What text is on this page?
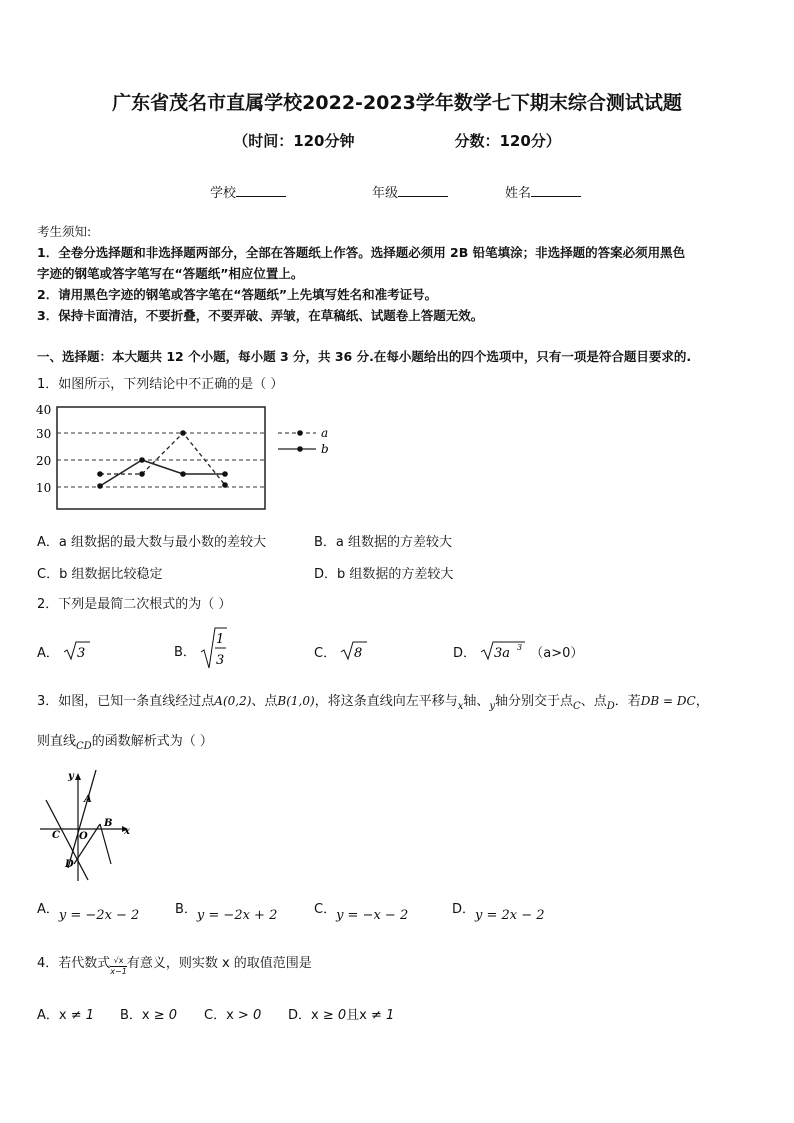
广东省茂名市直属学校2022-2023学年数学七下期末综合测试试题
（时间：120分钟	分数：120分）
学校	年级	姓名
考生须知:
1．全卷分选择题和非选择题两部分，全部在答题纸上作答。选择题必须用 2B 铅笔填涂；非选择题的答案必须用黑色
字迹的钢笔或答字笔写在“答题纸”相应位置上。
2．请用黑色字迹的钢笔或答字笔在“答题纸”上先填写姓名和准考证号。
3．保持卡面清洁，不要折叠，不要弄破、弄皱，在草稿纸、试题卷上答题无效。
一、选择题：本大题共 12 个小题，每小题 3 分，共 36 分.在每小题给出的四个选项中，只有一项是符合题目要求的.
1．如图所示，下列结论中不正确的是（ ）
40
30
20
10
a
b
A．a 组数据的最大数与最小数的差较大	B．a 组数据的方差较大
C．b 组数据比较稳定	D．b 组数据的方差较大
2．下列是最简二次根式的为（ ）
A． 3	B．
1
3	C． 8	D． 3a 3 （a>0）
3．如图，已知一条直线经过点A(0,2)、点B(1,0)，将这条直线向左平移与$_x$轴、$_y$轴分别交于点$_C$、点$_D$．若DB = DC，
则直线$_{CD}$的函数解析式为（ ）
y
x
A
B
C O
D
A．y = −2x − 2	B．y = −2x + 2	C．y = −x − 2	D．y = 2x − 2
4．若代数式 $\frac{√x}{x-1}$ 有意义，则实数 x 的取值范围是
A．x ≠ 1 B．x ≥ 0 C．x > 0 D．x ≥ 0且x ≠ 1
